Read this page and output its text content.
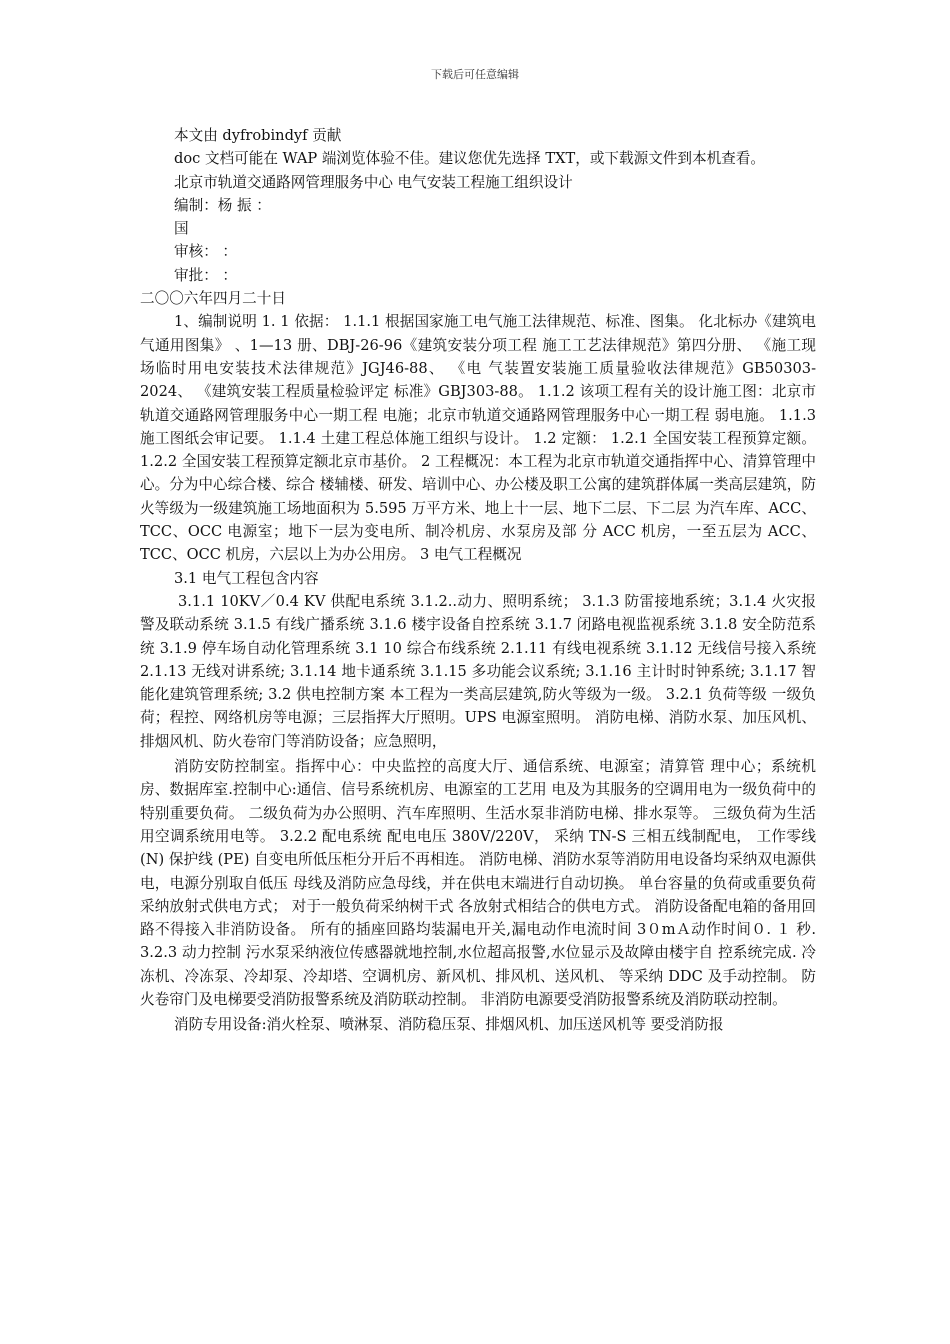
下载后可任意编辑

本文由 dyfrobindyf 贡献

doc 文档可能在 WAP 端浏览体验不佳。建议您优先选择 TXT，或下载源文件到本机查看。

北京市轨道交通路网管理服务中心 电气安装工程施工组织设计

编制：杨 振 ：

国

审核： ：

审批： ：

二〇〇六年四月二十日

1、编制说明 1. 1 依据： 1.1.1 根据国家施工电气施工法律规范、标准、图集。 化北标办《建筑电气通用图集》 、1—13 册、DBJ-26-96《建筑安装分项工程 施工工艺法律规范》第四分册、 《施工现场临时用电安装技术法律规范》JGJ46-88、 《电 气装置安装施工质量验收法律规范》GB50303-2024、 《建筑安装工程质量检验评定 标准》GBJ303-88。 1.1.2 该项工程有关的设计施工图：北京市轨道交通路网管理服务中心一期工程 电施；北京市轨道交通路网管理服务中心一期工程 弱电施。 1.1.3 施工图纸会审记要。 1.1.4 土建工程总体施工组织与设计。 1.2 定额： 1.2.1 全国安装工程预算定额。 1.2.2 全国安装工程预算定额北京市基价。 2 工程概况：本工程为北京市轨道交通指挥中心、清算管理中心。分为中心综合楼、综合 楼辅楼、研发、培训中心、办公楼及职工公寓的建筑群体属一类高层建筑，防 火等级为一级建筑施工场地面积为 5.595 万平方米、地上十一层、地下二层、下二层 为汽车库、ACC、TCC、OCC 电源室；地下一层为变电所、制冷机房、水泵房及部 分 ACC 机房，一至五层为 ACC、TCC、OCC 机房，六层以上为办公用房。 3 电气工程概况

3.1 电气工程包含内容

3.1.1 10KV／0.4 KV 供配电系统 3.1.2..动力、照明系统； 3.1.3 防雷接地系统；3.1.4 火灾报警及联动系统 3.1.5 有线广播系统 3.1.6 楼宇设备自控系统 3.1.7 闭路电视监视系统 3.1.8 安全防范系统 3.1.9 停车场自动化管理系统 3.1 10 综合布线系统 2.1.11 有线电视系统 3.1.12 无线信号接入系统 2.1.13 无线对讲系统; 3.1.14 地卡通系统 3.1.15 多功能会议系统; 3.1.16 主计时时钟系统; 3.1.17 智能化建筑管理系统; 3.2 供电控制方案 本工程为一类高层建筑,防火等级为一级。 3.2.1 负荷等级 一级负荷；程控、网络机房等电源；三层指挥大厅照明。UPS 电源室照明。 消防电梯、消防水泵、加压风机、排烟风机、防火卷帘门等消防设备；应急照明，

消防安防控制室。指挥中心：中央监控的高度大厅、通信系统、电源室；清算管 理中心；系统机房、数据库室.控制中心:通信、信号系统机房、电源室的工艺用 电及为其服务的空调用电为一级负荷中的特别重要负荷。 二级负荷为办公照明、汽车库照明、生活水泵非消防电梯、排水泵等。 三级负荷为生活用空调系统用电等。 3.2.2 配电系统 配电电压 380V/220V， 采纳 TN-S 三相五线制配电， 工作零线 (N) 保护线 (PE) 自变电所低压柜分开后不再相连。 消防电梯、消防水泵等消防用电设备均采纳双电源供电，电源分别取自低压 母线及消防应急母线，并在供电末端进行自动切换。 单台容量的负荷或重要负荷采纳放射式供电方式； 对于一般负荷采纳树干式 各放射式相结合的供电方式。 消防设备配电箱的备用回路不得接入非消防设备。 所有的插座回路均装漏电开关,漏电动作电流时间 3０mＡ动作时间０. １ 秒. 3.2.3 动力控制 污水泵采纳液位传感器就地控制,水位超高报警,水位显示及故障由楼宇自 控系统完成. 冷冻机、冷冻泵、冷却泵、冷却塔、空调机房、新风机、排风机、送风机、 等采纳 DDC 及手动控制。 防火卷帘门及电梯要受消防报警系统及消防联动控制。 非消防电源要受消防报警系统及消防联动控制。

消防专用设备:消火栓泵、喷淋泵、消防稳压泵、排烟风机、加压送风机等 要受消防报
